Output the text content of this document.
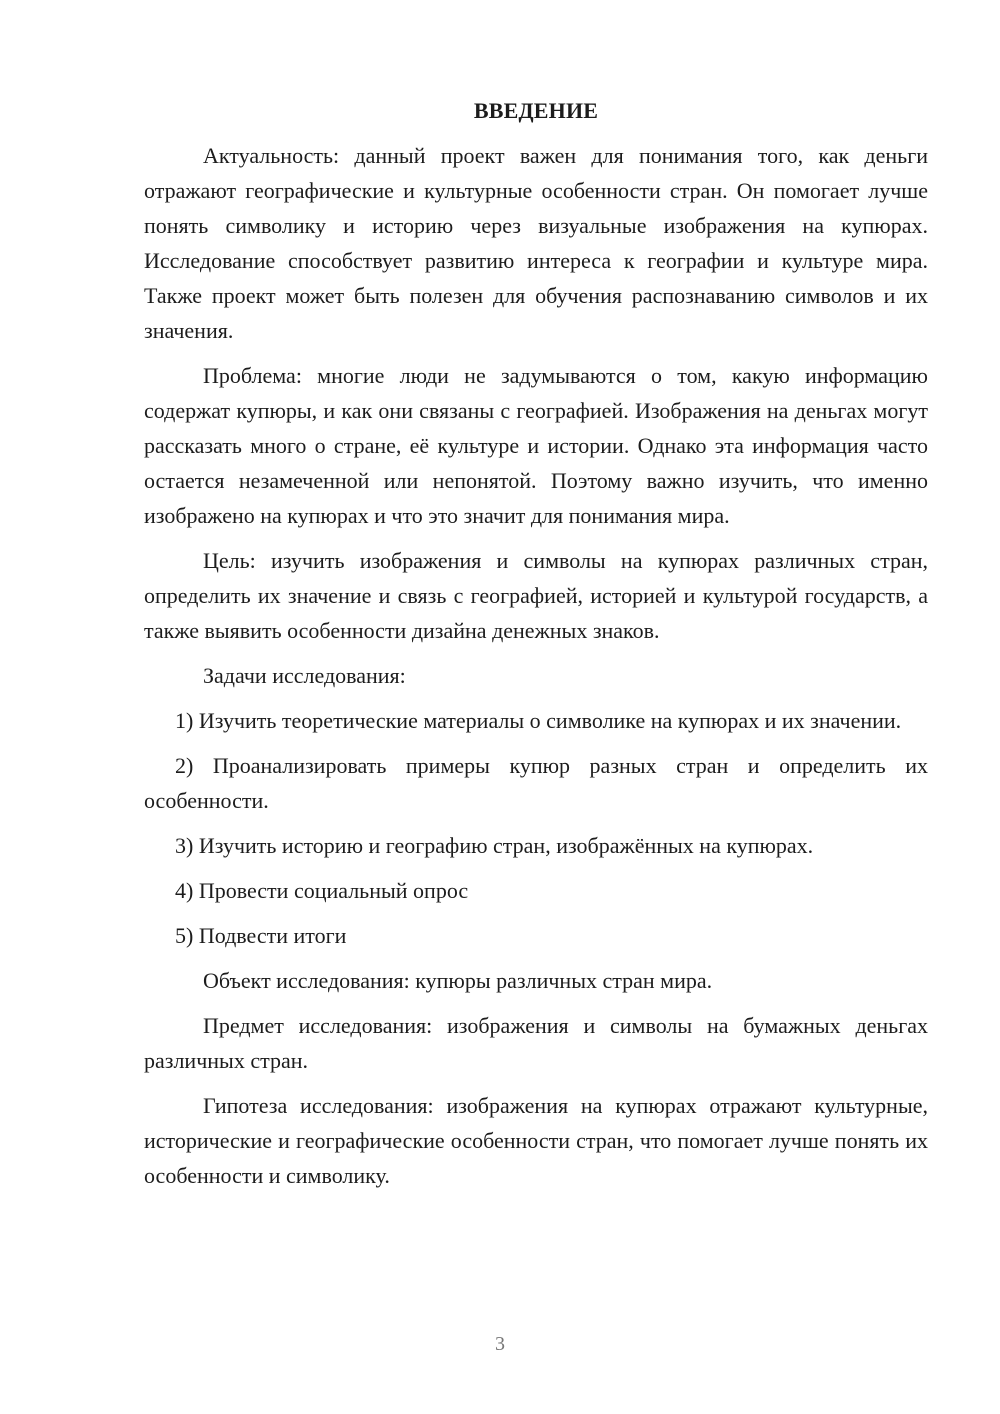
ВВЕДЕНИЕ

Актуальность: данный проект важен для понимания того, как деньги отражают географические и культурные особенности стран. Он помогает лучше понять символику и историю через визуальные изображения на купюрах. Исследование способствует развитию интереса к географии и культуре мира. Также проект может быть полезен для обучения распознаванию символов и их значения.

Проблема: многие люди не задумываются о том, какую информацию содержат купюры, и как они связаны с географией. Изображения на деньгах могут рассказать много о стране, её культуре и истории. Однако эта информация часто остается незамеченной или непонятой. Поэтому важно изучить, что именно изображено на купюрах и что это значит для понимания мира.

Цель: изучить изображения и символы на купюрах различных стран, определить их значение и связь с географией, историей и культурой государств, а также выявить особенности дизайна денежных знаков.

Задачи исследования:

1) Изучить теоретические материалы о символике на купюрах и их значении.

2) Проанализировать примеры купюр разных стран и определить их особенности.

3) Изучить историю и географию стран, изображённых на купюрах.

4) Провести социальный опрос

5) Подвести итоги

Объект исследования: купюры различных стран мира.

Предмет исследования: изображения и символы на бумажных деньгах различных стран.

Гипотеза исследования: изображения на купюрах отражают культурные, исторические и географические особенности стран, что помогает лучше понять их особенности и символику.

3
